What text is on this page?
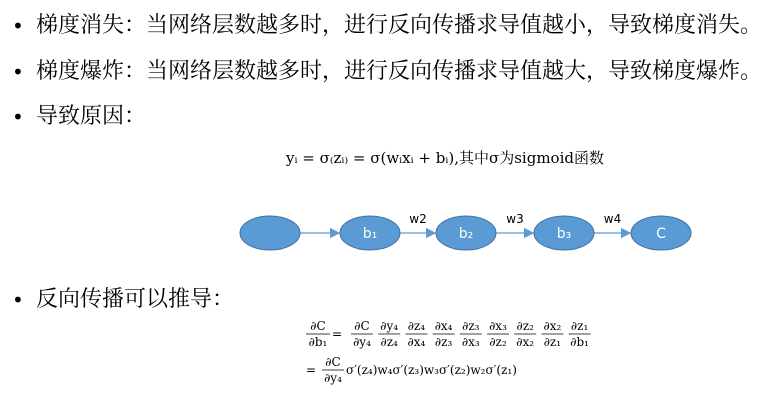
• 梯度消失：当网络层数越多时，进行反向传播求导值越小，导致梯度消失。
• 梯度爆炸：当网络层数越多时，进行反向传播求导值越大，导致梯度爆炸。
• 导致原因：
• 反向传播可以推导：
yᵢ = σ₍zᵢ₎ = σ(wᵢxᵢ + bᵢ),其中σ为sigmoid函数
w2	w3	w4
b₁	b₂	b₃	C
∂C
∂b₁
=
∂C
∂y₄
∂y₄
∂z₄
∂z₄
∂x₄
∂x₄
∂z₃
∂z₃
∂x₃
∂x₃
∂z₂
∂z₂
∂x₂
∂x₂
∂z₁
∂z₁
∂b₁
=
∂C
∂y₄
σ′(z₄)w₄σ′(z₃)w₃σ′(z₂)w₂σ′(z₁)
